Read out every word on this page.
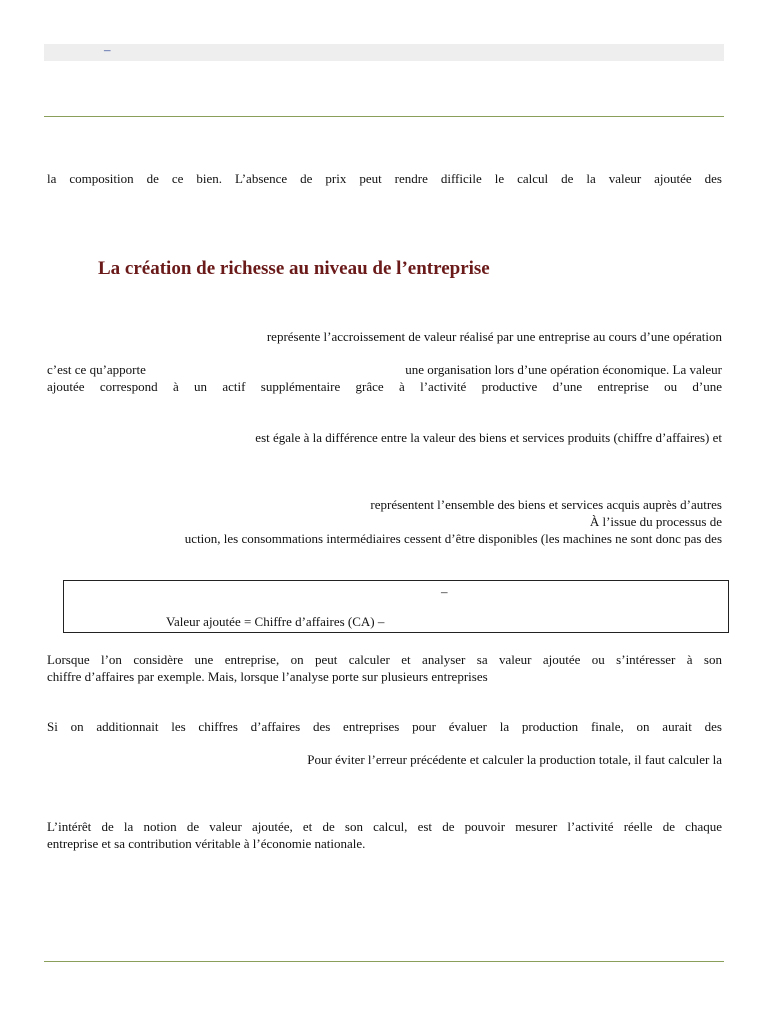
–
la composition de ce bien. L’absence de prix peut rendre difficile le calcul de la valeur ajoutée des
La création de richesse au niveau de l’entreprise
représente l’accroissement de valeur réalisé par une entreprise au cours d’une opération
c’est ce qu’apporte	une organisation lors d’une opération économique. La valeur
ajoutée correspond à un actif supplémentaire grâce à l’activité productive d’une entreprise ou d’une
est égale à la différence entre la valeur des biens et services produits (chiffre d’affaires) et
représentent l’ensemble des biens et services acquis auprès d’autres
À l’issue du processus de
uction, les consommations intermédiaires cessent d’être disponibles (les machines ne sont donc pas des
–
Valeur ajoutée = Chiffre d’affaires (CA) –
Lorsque l’on considère une entreprise, on peut calculer et analyser sa valeur ajoutée ou s’intéresser à son
chiffre d’affaires par exemple. Mais, lorsque l’analyse porte sur plusieurs entreprises
Si on additionnait les chiffres d’affaires des entreprises pour évaluer la production finale, on aurait des
Pour éviter l’erreur précédente et calculer la production totale, il faut calculer la
L’intérêt de la notion de valeur ajoutée, et de son calcul, est de pouvoir mesurer l’activité réelle de chaque
entreprise et sa contribution véritable à l’économie nationale.
